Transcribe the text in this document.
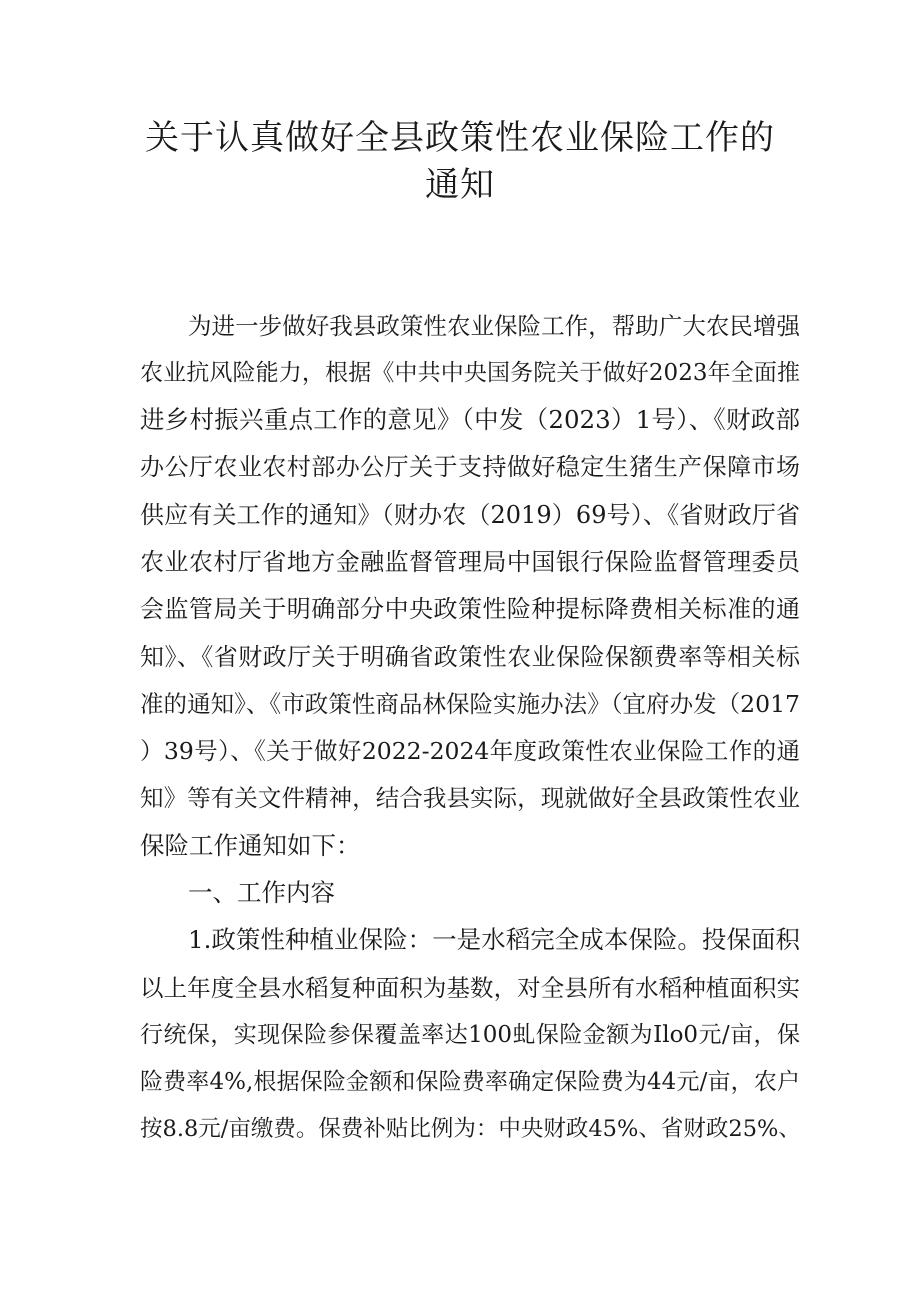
关于认真做好全县政策性农业保险工作的
通知
为进一步做好我县政策性农业保险工作，帮助广大农民增强
农业抗风险能力，根据《中共中央国务院关于做好2023年全面推
进乡村振兴重点工作的意见》（中发（2023）1号）、《财政部
办公厅农业农村部办公厅关于支持做好稳定生猪生产保障市场
供应有关工作的通知》（财办农（2019）69号）、《省财政厅省
农业农村厅省地方金融监督管理局中国银行保险监督管理委员
会监管局关于明确部分中央政策性险种提标降费相关标准的通
知》、《省财政厅关于明确省政策性农业保险保额费率等相关标
准的通知》、《市政策性商品林保险实施办法》（宜府办发（2017
）39号）、《关于做好2022-2024年度政策性农业保险工作的通
知》等有关文件精神，结合我县实际，现就做好全县政策性农业
保险工作通知如下：
一、工作内容
1.政策性种植业保险：一是水稻完全成本保险。投保面积
以上年度全县水稻复种面积为基数，对全县所有水稻种植面积实
行统保，实现保险参保覆盖率达100虬保险金额为Ilo0元/亩，保
险费率4%,根据保险金额和保险费率确定保险费为44元/亩，农户
按8.8元/亩缴费。保费补贴比例为：中央财政45%、省财政25%、
